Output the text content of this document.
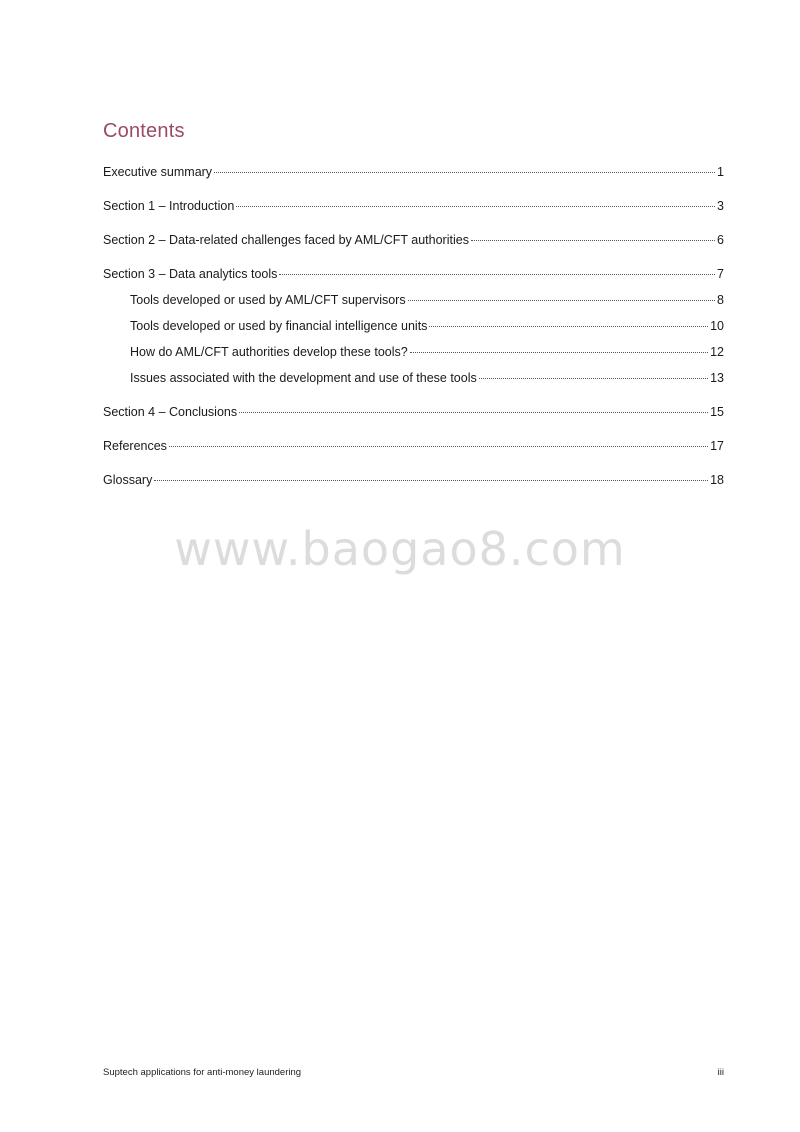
Contents
Executive summary	1
Section 1 – Introduction	3
Section 2 – Data-related challenges faced by AML/CFT authorities	6
Section 3 – Data analytics tools	7
Tools developed or used by AML/CFT supervisors	8
Tools developed or used by financial intelligence units	10
How do AML/CFT authorities develop these tools?	12
Issues associated with the development and use of these tools	13
Section 4 – Conclusions	15
References	17
Glossary	18
www.baogao8.com
Suptech applications for anti-money laundering	iii
